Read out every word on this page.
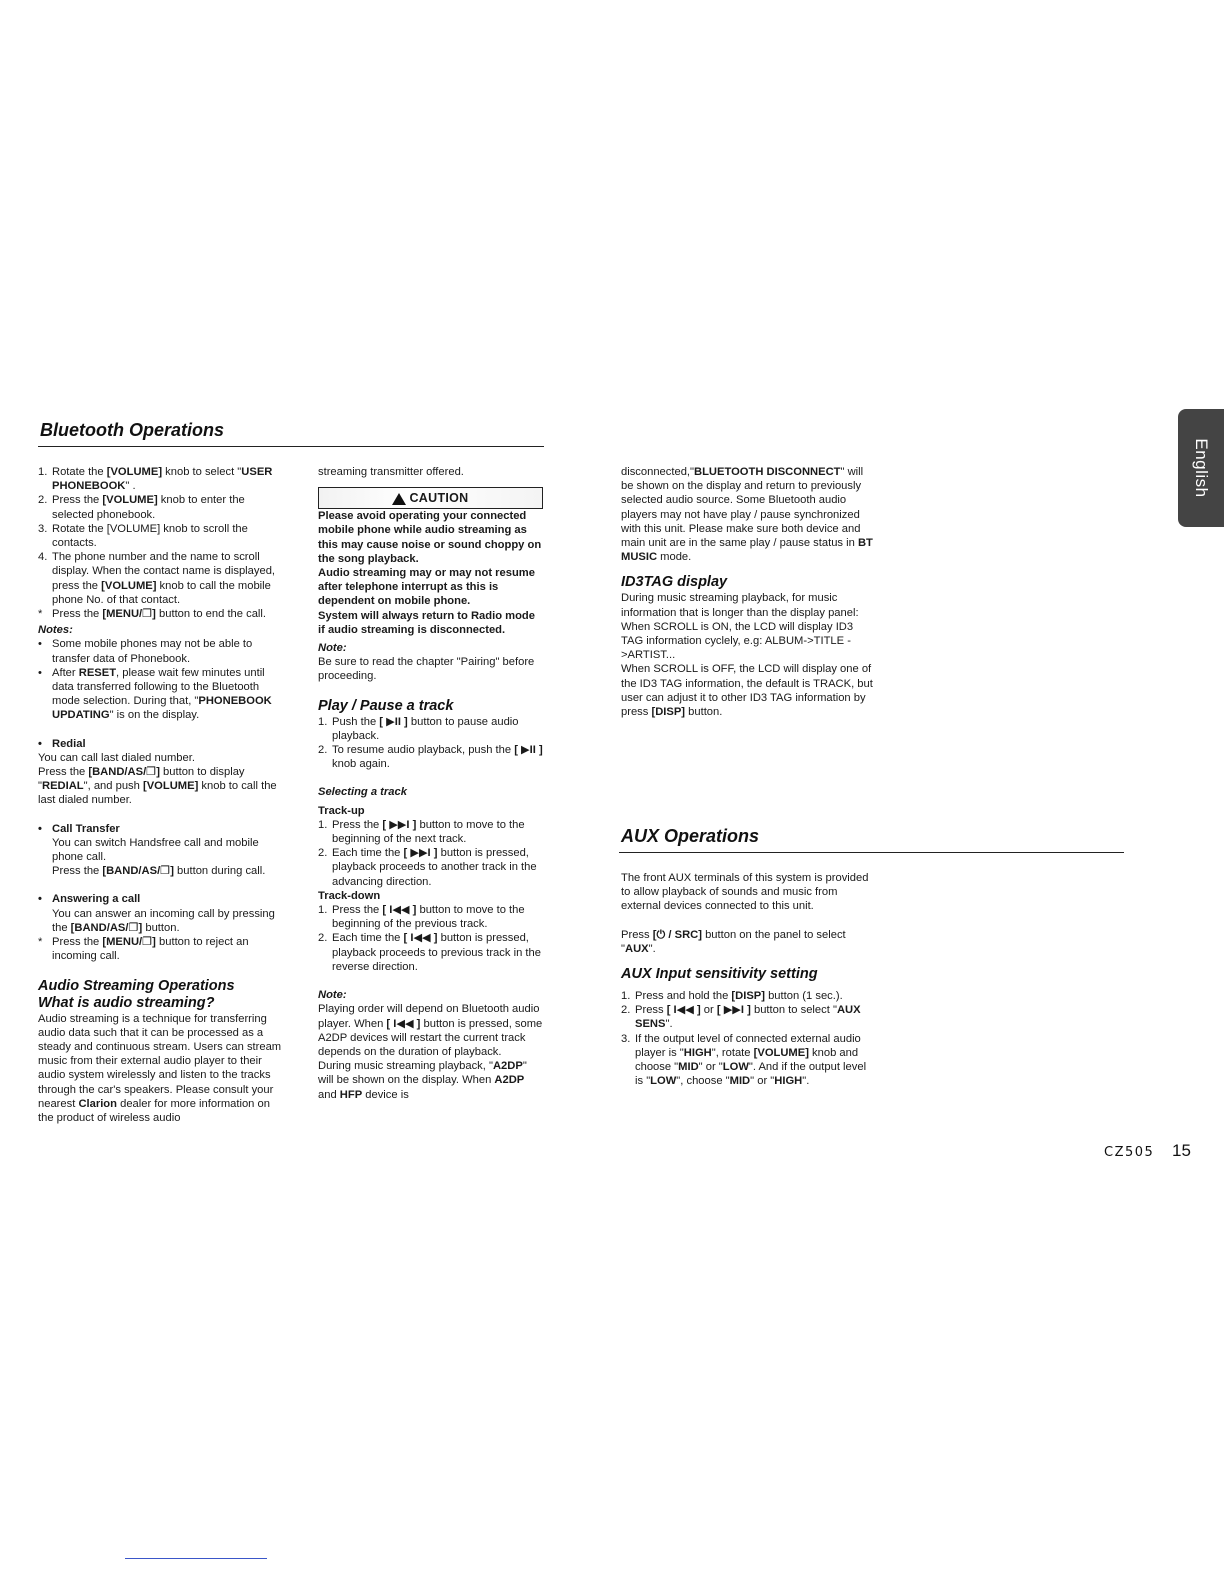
English
Bluetooth Operations
1. Rotate the [VOLUME] knob to select "USER PHONEBOOK" .
2. Press the [VOLUME] knob to enter the selected phonebook.
3. Rotate the [VOLUME] knob to scroll the contacts.
4. The phone number and the name to scroll display. When the contact name is displayed, press the [VOLUME] knob to call the mobile phone No. of that contact.
* Press the [MENU/❐] button to end the call.

Notes:

• Some mobile phones may not be able to transfer data of Phonebook.
• After RESET, please wait few minutes until data transferred following to the Bluetooth mode selection. During that, "PHONEBOOK UPDATING" is on the display.
• Redial

You can call last dialed number.

Press the [BAND/AS/❐] button to display "REDIAL", and push [VOLUME] knob to call the last dialed number.

• Call Transfer
You can switch Handsfree call and mobile phone call.
Press the [BAND/AS/❐] button during call.
• Answering a call
You can answer an incoming call by pressing the [BAND/AS/❐] button.
* Press the [MENU/❐] button to reject an incoming call.

Audio Streaming Operations

What is audio streaming?

Audio streaming is a technique for transferring audio data such that it can be processed as a steady and continuous stream. Users can stream music from their external audio player to their audio system wirelessly and listen to the tracks through the car's speakers. Please consult your nearest Clarion dealer for more information on the product of wireless audio

streaming transmitter offered.

CAUTION

Please avoid operating your connected mobile phone while audio streaming as this may cause noise or sound choppy on the song playback.

Audio streaming may or may not resume after telephone interrupt as this is dependent on mobile phone.

System will always return to Radio mode if audio streaming is disconnected.

Note:

Be sure to read the chapter "Pairing" before proceeding.

Play / Pause a track

1. Push the [ ▶II ] button to pause audio playback.
2. To resume audio playback, push the [ ▶II ] knob again.

Selecting a track

Track-up

1. Press the [ ▶▶I ] button to move to the beginning of the next track.
2. Each time the [ ▶▶I ] button is pressed, playback proceeds to another track in the advancing direction.

Track-down

1. Press the [ I◀◀ ] button to move to the beginning of the previous track.
2. Each time the [ I◀◀ ] button is pressed, playback proceeds to previous track in the reverse direction.

Note:

Playing order will depend on Bluetooth audio player. When [ I◀◀ ] button is pressed, some A2DP devices will restart the current track depends on the duration of playback.

During music streaming playback, "A2DP" will be shown on the display. When A2DP and HFP device is

disconnected,"BLUETOOTH DISCONNECT" will be shown on the display and return to previously selected audio source. Some Bluetooth audio players may not have play / pause synchronized with this unit. Please make sure both device and main unit are in the same play / pause status in BT MUSIC mode.

ID3TAG display

During music streaming playback, for music information that is longer than the display panel: When SCROLL is ON, the LCD will display ID3 TAG information cyclely, e.g: ALBUM->TITLE ->ARTIST...

When SCROLL is OFF, the LCD will display one of the ID3 TAG information, the default is TRACK, but user can adjust it to other ID3 TAG information by press [DISP] button.

AUX Operations

The front AUX terminals of this system is provided to allow playback of sounds and music from external devices connected to this unit.

Press [⏻ / SRC] button on the panel to select "AUX".

AUX Input sensitivity setting

1. Press and hold the [DISP] button (1 sec.).
2. Press [ I◀◀ ] or [ ▶▶I ] button to select "AUX SENS".
3. If the output level of connected external audio player is "HIGH", rotate [VOLUME] knob and choose "MID" or "LOW". And if the output level is "LOW", choose "MID" or "HIGH".
CZ505 15
